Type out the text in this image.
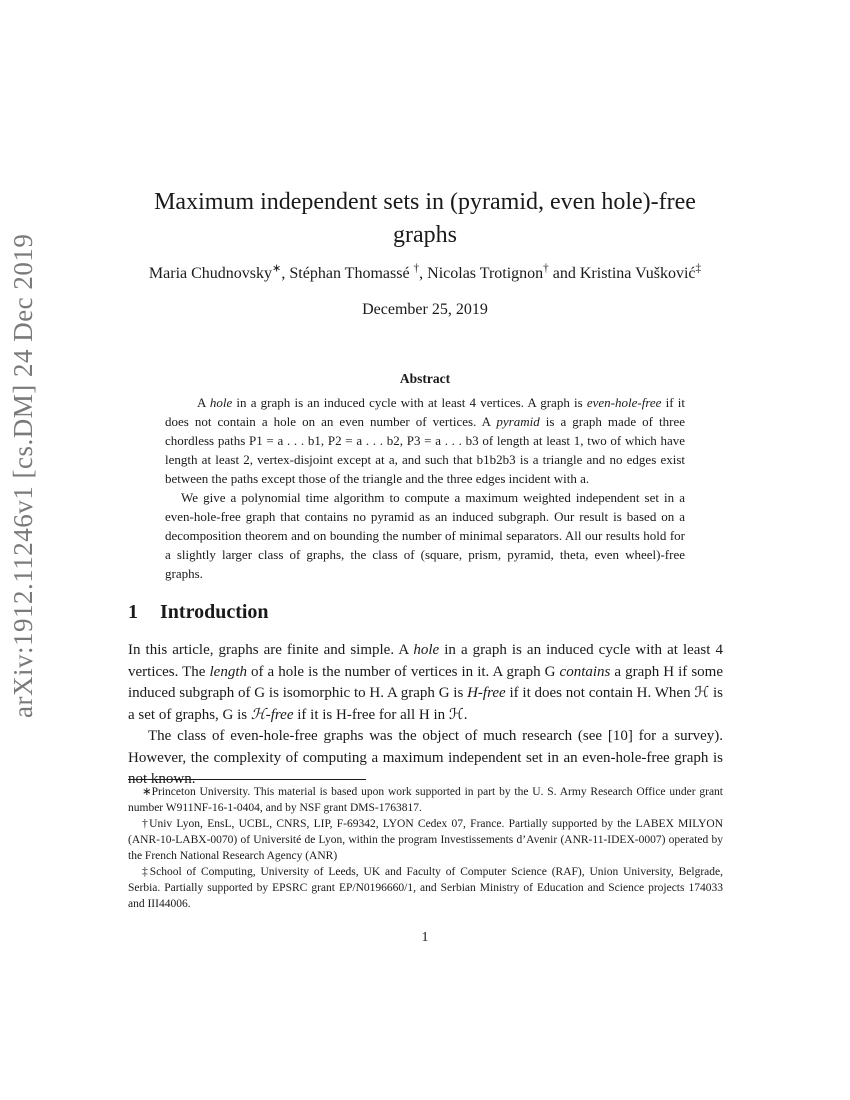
arXiv:1912.11246v1 [cs.DM] 24 Dec 2019
Maximum independent sets in (pyramid, even hole)-free
graphs
Maria Chudnovsky∗, Stéphan Thomassé †, Nicolas Trotignon† and Kristina Vušković‡
December 25, 2019
Abstract

A hole in a graph is an induced cycle with at least 4 vertices. A graph is even-hole-free if it does not contain a hole on an even number of vertices. A pyramid is a graph made of three chordless paths P1 = a . . . b1, P2 = a . . . b2, P3 = a . . . b3 of length at least 1, two of which have length at least 2, vertex-disjoint except at a, and such that b1b2b3 is a triangle and no edges exist between the paths except those of the triangle and the three edges incident with a.

We give a polynomial time algorithm to compute a maximum weighted independent set in a even-hole-free graph that contains no pyramid as an induced subgraph. Our result is based on a decomposition theorem and on bounding the number of minimal separators. All our results hold for a slightly larger class of graphs, the class of (square, prism, pyramid, theta, even wheel)-free graphs.

1 Introduction

In this article, graphs are finite and simple. A hole in a graph is an induced cycle with at least 4 vertices. The length of a hole is the number of vertices in it. A graph G contains a graph H if some induced subgraph of G is isomorphic to H. A graph G is H-free if it does not contain H. When ℋ is a set of graphs, G is ℋ-free if it is H-free for all H in ℋ.

The class of even-hole-free graphs was the object of much research (see [10] for a survey). However, the complexity of computing a maximum independent set in an even-hole-free graph is not known.

∗Princeton University. This material is based upon work supported in part by the U. S. Army Research Office under grant number W911NF-16-1-0404, and by NSF grant DMS-1763817.

†Univ Lyon, EnsL, UCBL, CNRS, LIP, F-69342, LYON Cedex 07, France. Partially supported by the LABEX MILYON (ANR-10-LABX-0070) of Université de Lyon, within the program Investissements d’Avenir (ANR-11-IDEX-0007) operated by the French National Research Agency (ANR)

‡School of Computing, University of Leeds, UK and Faculty of Computer Science (RAF), Union University, Belgrade, Serbia. Partially supported by EPSRC grant EP/N0196660/1, and Serbian Ministry of Education and Science projects 174033 and III44006.

1
